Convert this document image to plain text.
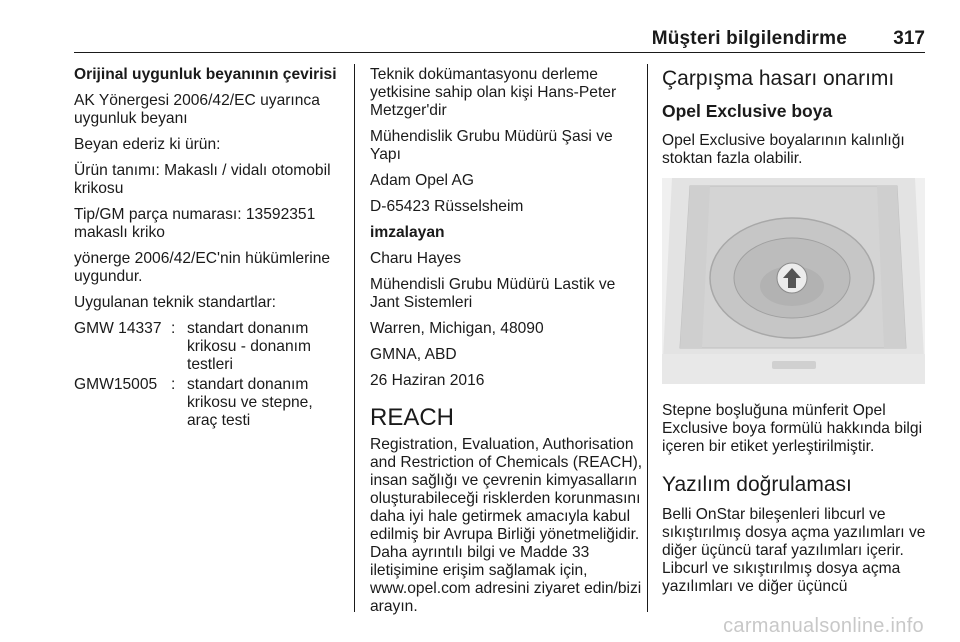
Müşteri bilgilendirme 317

Orijinal uygunluk beyanının çevirisi

AK Yönergesi 2006/42/EC uyarınca uygunluk beyanı

Beyan ederiz ki ürün:

Ürün tanımı: Makaslı / vidalı otomobil krikosu

Tip/GM parça numarası: 13592351 makaslı kriko

yönerge 2006/42/EC'nin hükümlerine uygundur.

Uygulanan teknik standartlar:

GMW 14337 : standart donanım krikosu - donanım testleri
GMW15005 : standart donanım krikosu ve stepne, araç testi

Teknik dokümantasyonu derleme yetkisine sahip olan kişi Hans-Peter Metzger'dir

Mühendislik Grubu Müdürü Şasi ve Yapı

Adam Opel AG

D-65423 Rüsselsheim

imzalayan

Charu Hayes

Mühendisli Grubu Müdürü Lastik ve Jant Sistemleri

Warren, Michigan, 48090

GMNA, ABD

26 Haziran 2016

REACH

Registration, Evaluation, Authorisation and Restriction of Chemicals (REACH), insan sağlığı ve çevrenin kimyasalların oluşturabileceği risklerden korunmasını daha iyi hale getirmek amacıyla kabul edilmiş bir Avrupa Birliği yönetmeliğidir. Daha ayrıntılı bilgi ve Madde 33 iletişimine erişim sağlamak için, www.opel.com adresini ziyaret edin/bizi arayın.

Çarpışma hasarı onarımı
Opel Exclusive boya

Opel Exclusive boyalarının kalınlığı stoktan fazla olabilir.

Stepne boşluğuna münferit Opel Exclusive boya formülü hakkında bilgi içeren bir etiket yerleştirilmiştir.

Yazılım doğrulaması

Belli OnStar bileşenleri libcurl ve sıkıştırılmış dosya açma yazılımları ve diğer üçüncü taraf yazılımları içerir. Libcurl ve sıkıştırılmış dosya açma yazılımları ve diğer üçüncü

carmanualsonline.info
